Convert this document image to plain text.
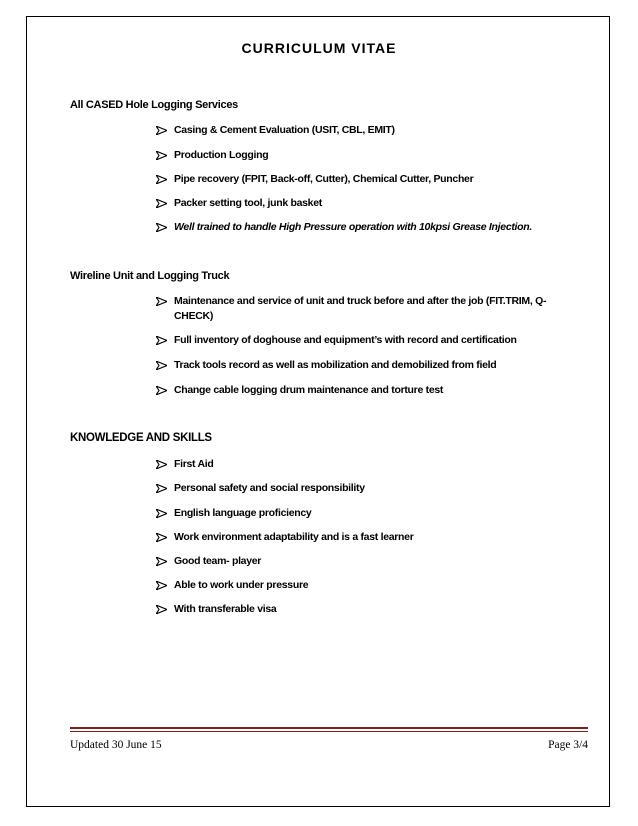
CURRICULUM VITAE
All CASED Hole Logging Services
Casing & Cement Evaluation (USIT, CBL, EMIT)
Production Logging
Pipe recovery (FPIT, Back-off, Cutter), Chemical Cutter, Puncher
Packer setting tool, junk basket
Well trained to handle High Pressure operation with 10kpsi Grease Injection.
Wireline Unit and Logging Truck
Maintenance and service of unit and truck before and after the job (FIT.TRIM, Q-CHECK)
Full inventory of doghouse and equipment’s with record and certification
Track tools record as well as mobilization and demobilized from field
Change cable logging drum maintenance and torture test
KNOWLEDGE AND SKILLS
First Aid
Personal safety and social responsibility
English language proficiency
Work environment adaptability and is a fast learner
Good team- player
Able to work under pressure
With transferable visa
Updated 30 June 15	Page 3/4
